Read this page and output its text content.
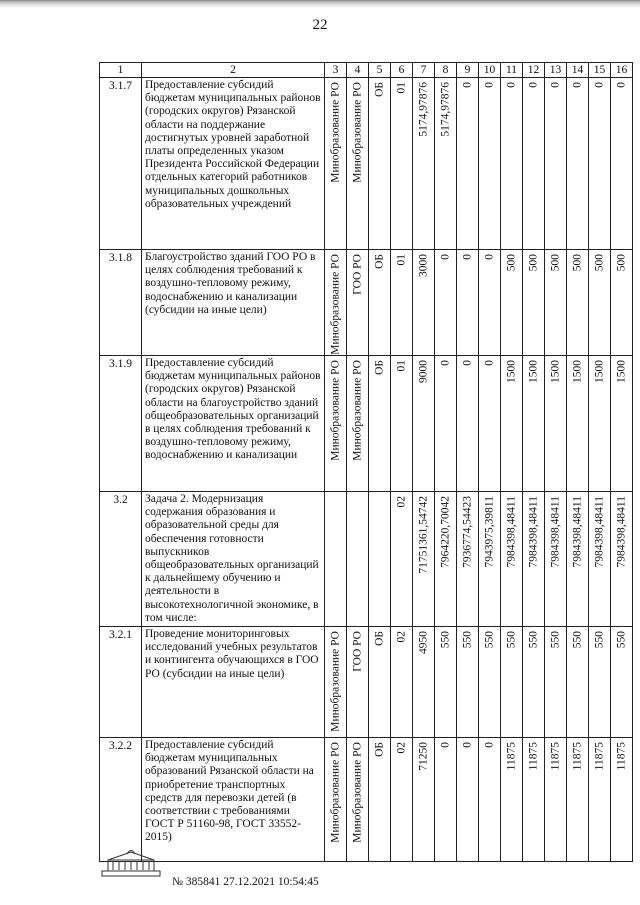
22
1	2	3	4	5	6	7	8	9	10	11	12	13	14	15	16
3.1.7	Предоставление субсидий бюджетам муниципальных районов (городских округов) Рязанской области на поддержание достигнутых уровней заработной платы определенных указом Президента Российской Федерации отдельных категорий работников муниципальных дошкольных образовательных учреждений	Минобразование РО	Минобразование РО	ОБ	01	5174,97876	5174,97876	0	0	0	0	0	0	0	0

3.1.8	Благоустройство зданий ГОО РО в целях соблюдения требований к воздушно-тепловому режиму, водоснабжению и канализации (субсидии на иные цели)	Минобразование РО	ГОО РО	ОБ	01	3000	0	0	0	500	500	500	500	500	500

3.1.9	Предоставление субсидий бюджетам муниципальных районов (городских округов) Рязанской области на благоустройство зданий общеобразовательных организаций в целях соблюдения требований к воздушно-тепловому режиму, водоснабжению и канализации	Минобразование РО	Минобразование РО	ОБ	01	9000	0	0	0	1500	1500	1500	1500	1500	1500

3.2	Задача 2. Модернизация содержания образования и образовательной среды для обеспечения готовности выпускников общеобразовательных организаций к дальнейшему обучению и деятельности в высокотехнологичной экономике, в том числе:				02	71751361,54742	7964220,70042	7936774,54423	7943975,39811	7984398,48411	7984398,48411	7984398,48411	7984398,48411	7984398,48411	7984398,48411

3.2.1	Проведение мониторинговых исследований учебных результатов и контингента обучающихся в ГОО РО (субсидии на иные цели)	Минобразование РО	ГОО РО	ОБ	02	4950	550	550	550	550	550	550	550	550	550

3.2.2	Предоставление субсидий бюджетам муниципальных образований Рязанской области на приобретение транспортных средств для перевозки детей (в соответствии с требованиями ГОСТ Р 51160-98, ГОСТ 33552-2015)	Минобразование РО	Минобразование РО	ОБ	02	71250	0	0	0	11875	11875	11875	11875	11875	11875
№ 385841 27.12.2021 10:54:45
